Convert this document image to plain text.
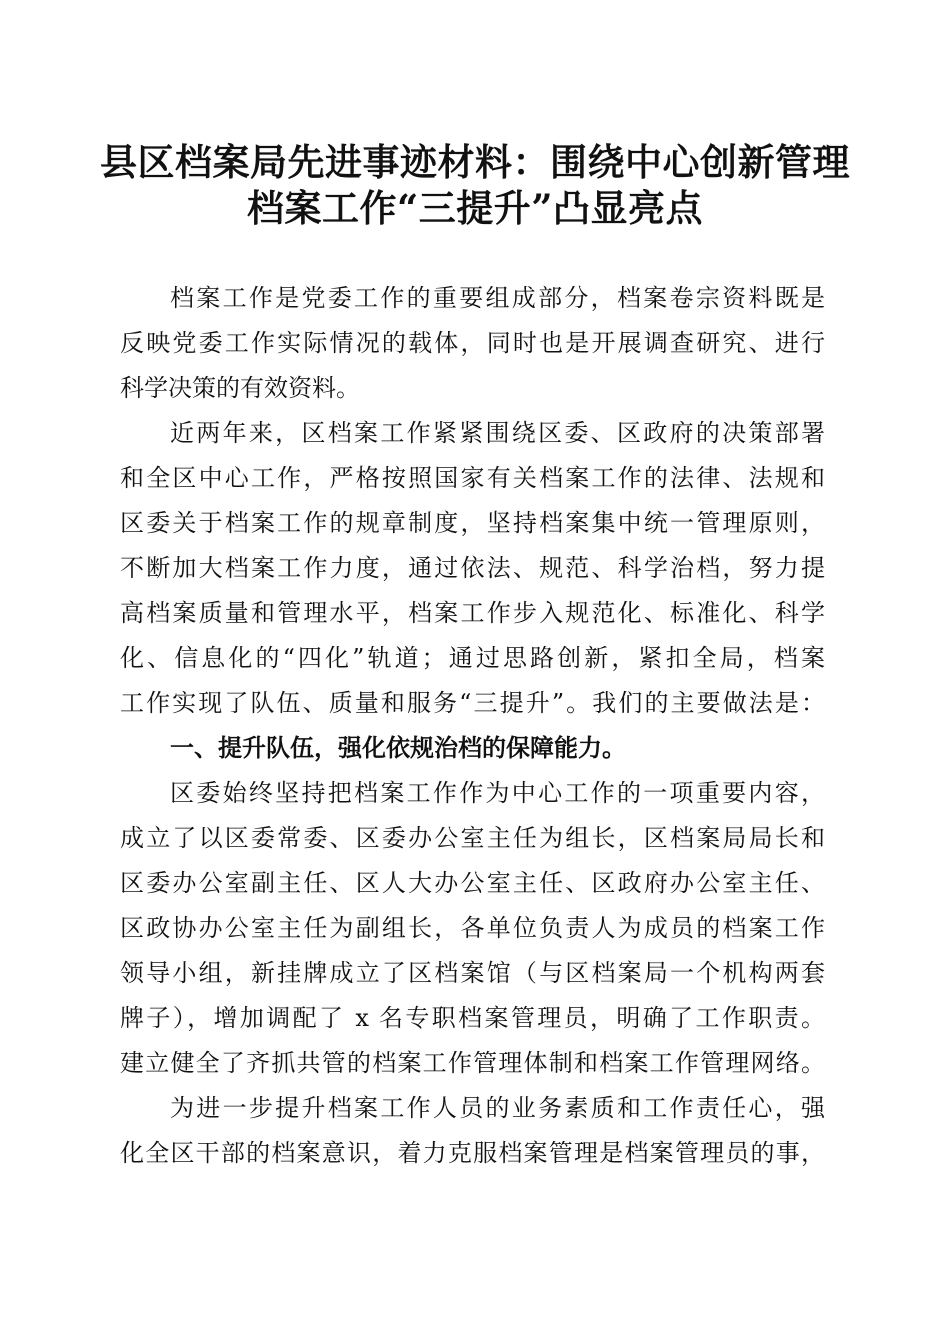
县区档案局先进事迹材料：围绕中心创新管理
档案工作“三提升”凸显亮点
档案工作是党委工作的重要组成部分，档案卷宗资料既是
反映党委工作实际情况的载体，同时也是开展调查研究、进行
科学决策的有效资料。
近两年来，区档案工作紧紧围绕区委、区政府的决策部署
和全区中心工作，严格按照国家有关档案工作的法律、法规和
区委关于档案工作的规章制度，坚持档案集中统一管理原则，
不断加大档案工作力度，通过依法、规范、科学治档，努力提
高档案质量和管理水平，档案工作步入规范化、标准化、科学
化、信息化的“四化”轨道；通过思路创新，紧扣全局，档案
工作实现了队伍、质量和服务“三提升”。我们的主要做法是：
一、提升队伍，强化依规治档的保障能力。
区委始终坚持把档案工作作为中心工作的一项重要内容，
成立了以区委常委、区委办公室主任为组长，区档案局局长和
区委办公室副主任、区人大办公室主任、区政府办公室主任、
区政协办公室主任为副组长，各单位负责人为成员的档案工作
领导小组，新挂牌成立了区档案馆（与区档案局一个机构两套
牌子），增加调配了 x 名专职档案管理员，明确了工作职责。
建立健全了齐抓共管的档案工作管理体制和档案工作管理网络。
为进一步提升档案工作人员的业务素质和工作责任心，强
化全区干部的档案意识，着力克服档案管理是档案管理员的事，
